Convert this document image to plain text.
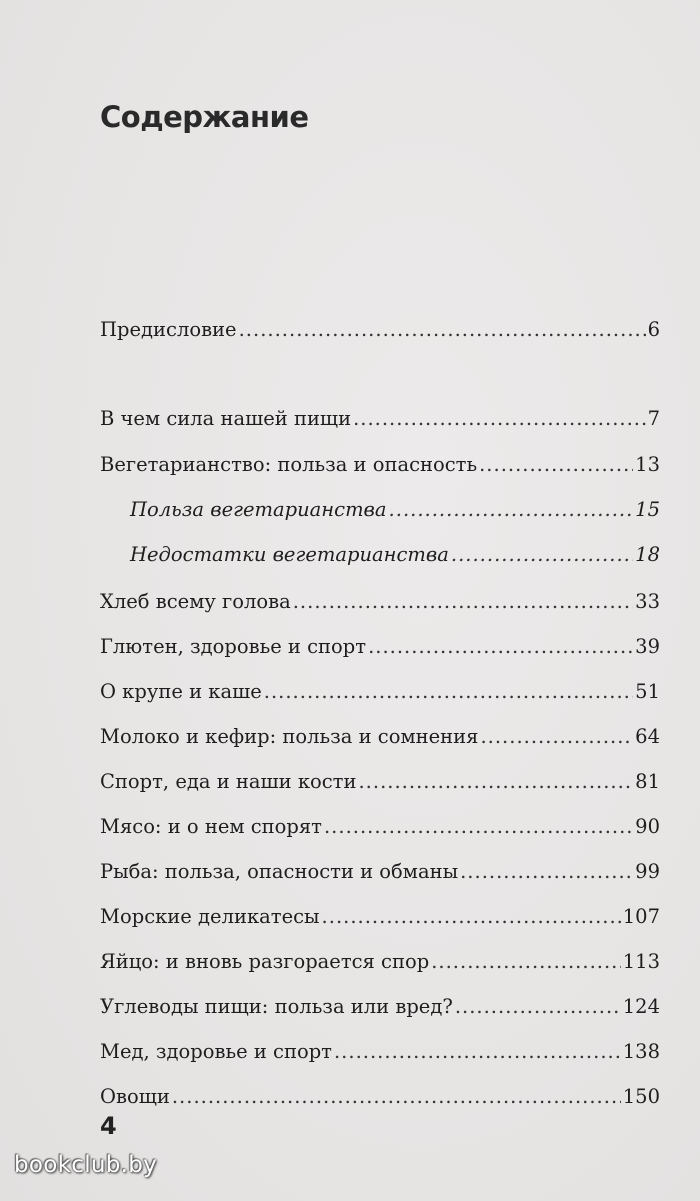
Содержание
Предисловие .....	6
В чем сила нашей пищи .....	7
Вегетарианство: польза и опасность .....	13
Польза вегетарианства .....	15
Недостатки вегетарианства .....	18
Хлеб всему голова .....	33
Глютен, здоровье и спорт .....	39
О крупе и каше .....	51
Молоко и кефир: польза и сомнения .....	64
Спорт, еда и наши кости .....	81
Мясо: и о нем спорят .....	90
Рыба: польза, опасности и обманы .....	99
Морские деликатесы .....	107
Яйцо: и вновь разгорается спор .....	113
Углеводы пищи: польза или вред? .....	124
Мед, здоровье и спорт .....	138
Овощи .....	150
4
bookclub.by
